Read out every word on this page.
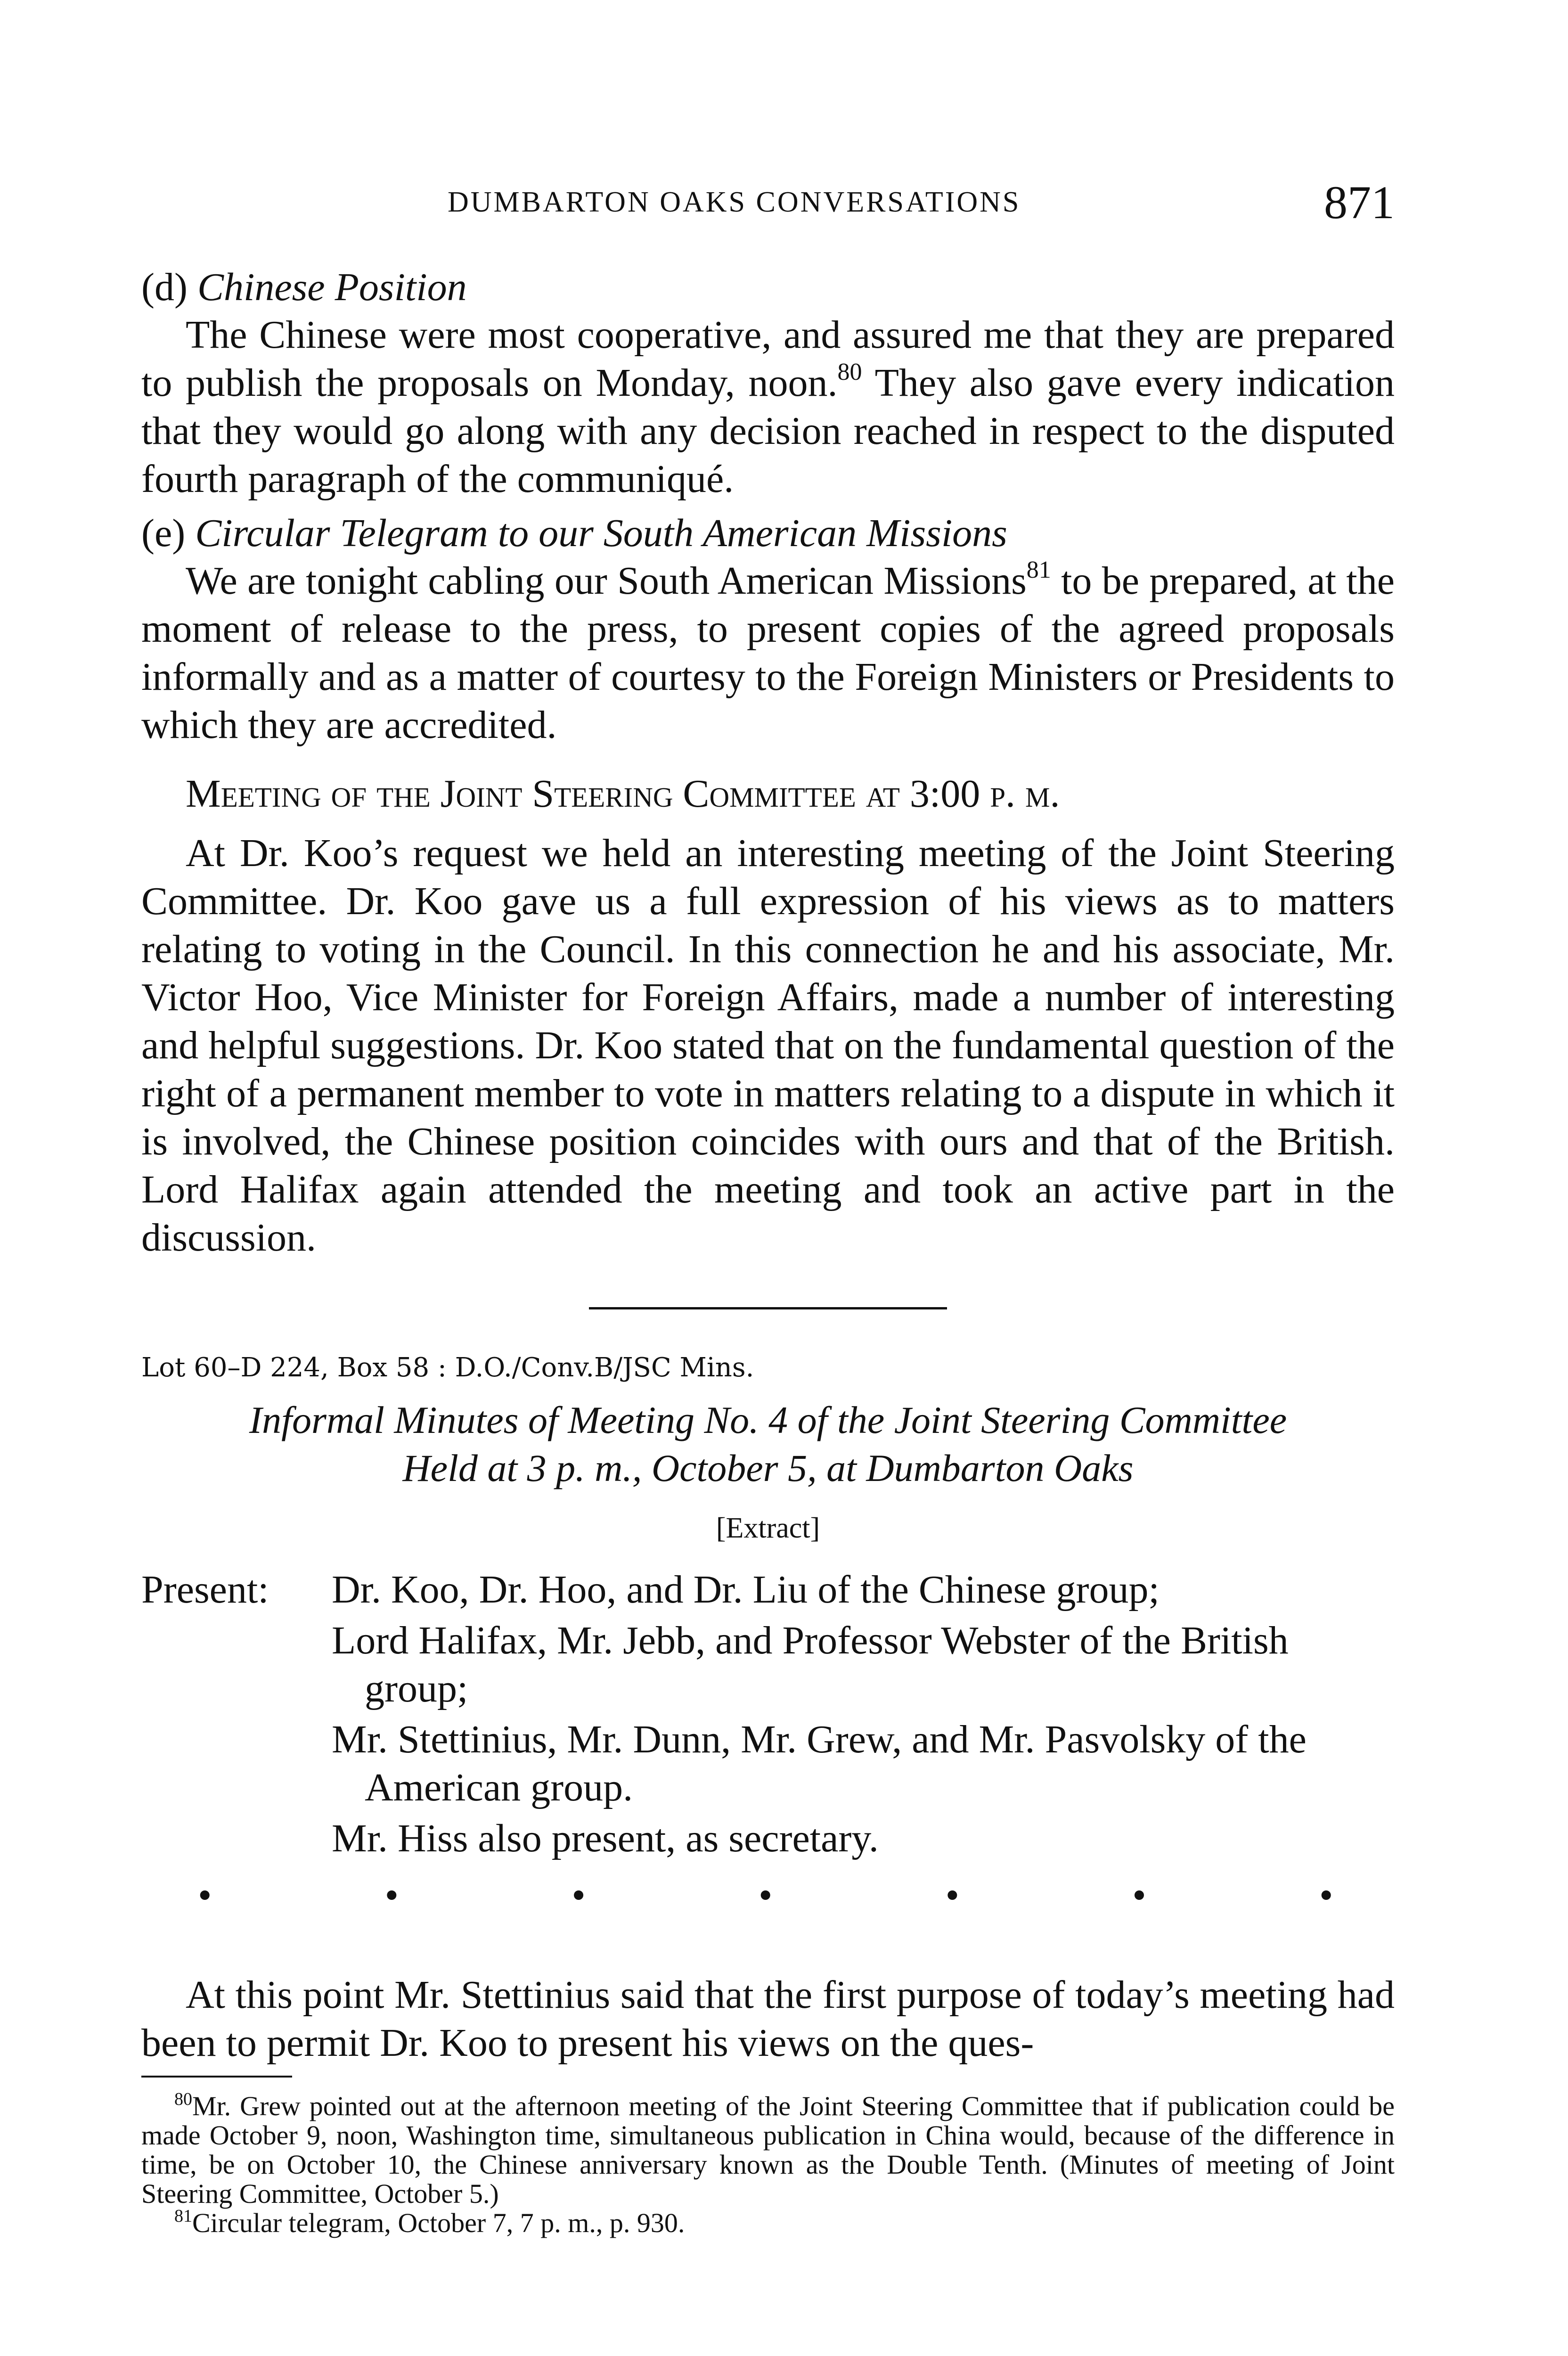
DUMBARTON OAKS CONVERSATIONS	871

(d) Chinese Position

The Chinese were most cooperative, and assured me that they are prepared to publish the proposals on Monday, noon.$^{80}$ They also gave every indication that they would go along with any decision reached in respect to the disputed fourth paragraph of the communiqué.

(e) Circular Telegram to our South American Missions

We are tonight cabling our South American Missions$^{81}$ to be prepared, at the moment of release to the press, to present copies of the agreed proposals informally and as a matter of courtesy to the Foreign Ministers or Presidents to which they are accredited.

Meeting of the Joint Steering Committee at 3:00 p. m.

At Dr. Koo’s request we held an interesting meeting of the Joint Steering Committee. Dr. Koo gave us a full expression of his views as to matters relating to voting in the Council. In this connection he and his associate, Mr. Victor Hoo, Vice Minister for Foreign Affairs, made a number of interesting and helpful suggestions. Dr. Koo stated that on the fundamental question of the right of a permanent member to vote in matters relating to a dispute in which it is involved, the Chinese position coincides with ours and that of the British. Lord Halifax again attended the meeting and took an active part in the discussion.

Lot 60–D 224, Box 58 : D.O./Conv.B/JSC Mins.

Informal Minutes of Meeting No. 4 of the Joint Steering Committee
Held at 3 p. m., October 5, at Dumbarton Oaks

[Extract]

Present:	Dr. Koo, Dr. Hoo, and Dr. Liu of the Chinese group;
Lord Halifax, Mr. Jebb, and Professor Webster of the British group;
Mr. Stettinius, Mr. Dunn, Mr. Grew, and Mr. Pasvolsky of the American group.
Mr. Hiss also present, as secretary.
•	•	•	•	•	•	•

At this point Mr. Stettinius said that the first purpose of today’s meeting had been to permit Dr. Koo to present his views on the ques-

$^{80}$Mr. Grew pointed out at the afternoon meeting of the Joint Steering Committee that if publication could be made October 9, noon, Washington time, simultaneous publication in China would, because of the difference in time, be on October 10, the Chinese anniversary known as the Double Tenth. (Minutes of meeting of Joint Steering Committee, October 5.)

$^{81}$Circular telegram, October 7, 7 p. m., p. 930.
